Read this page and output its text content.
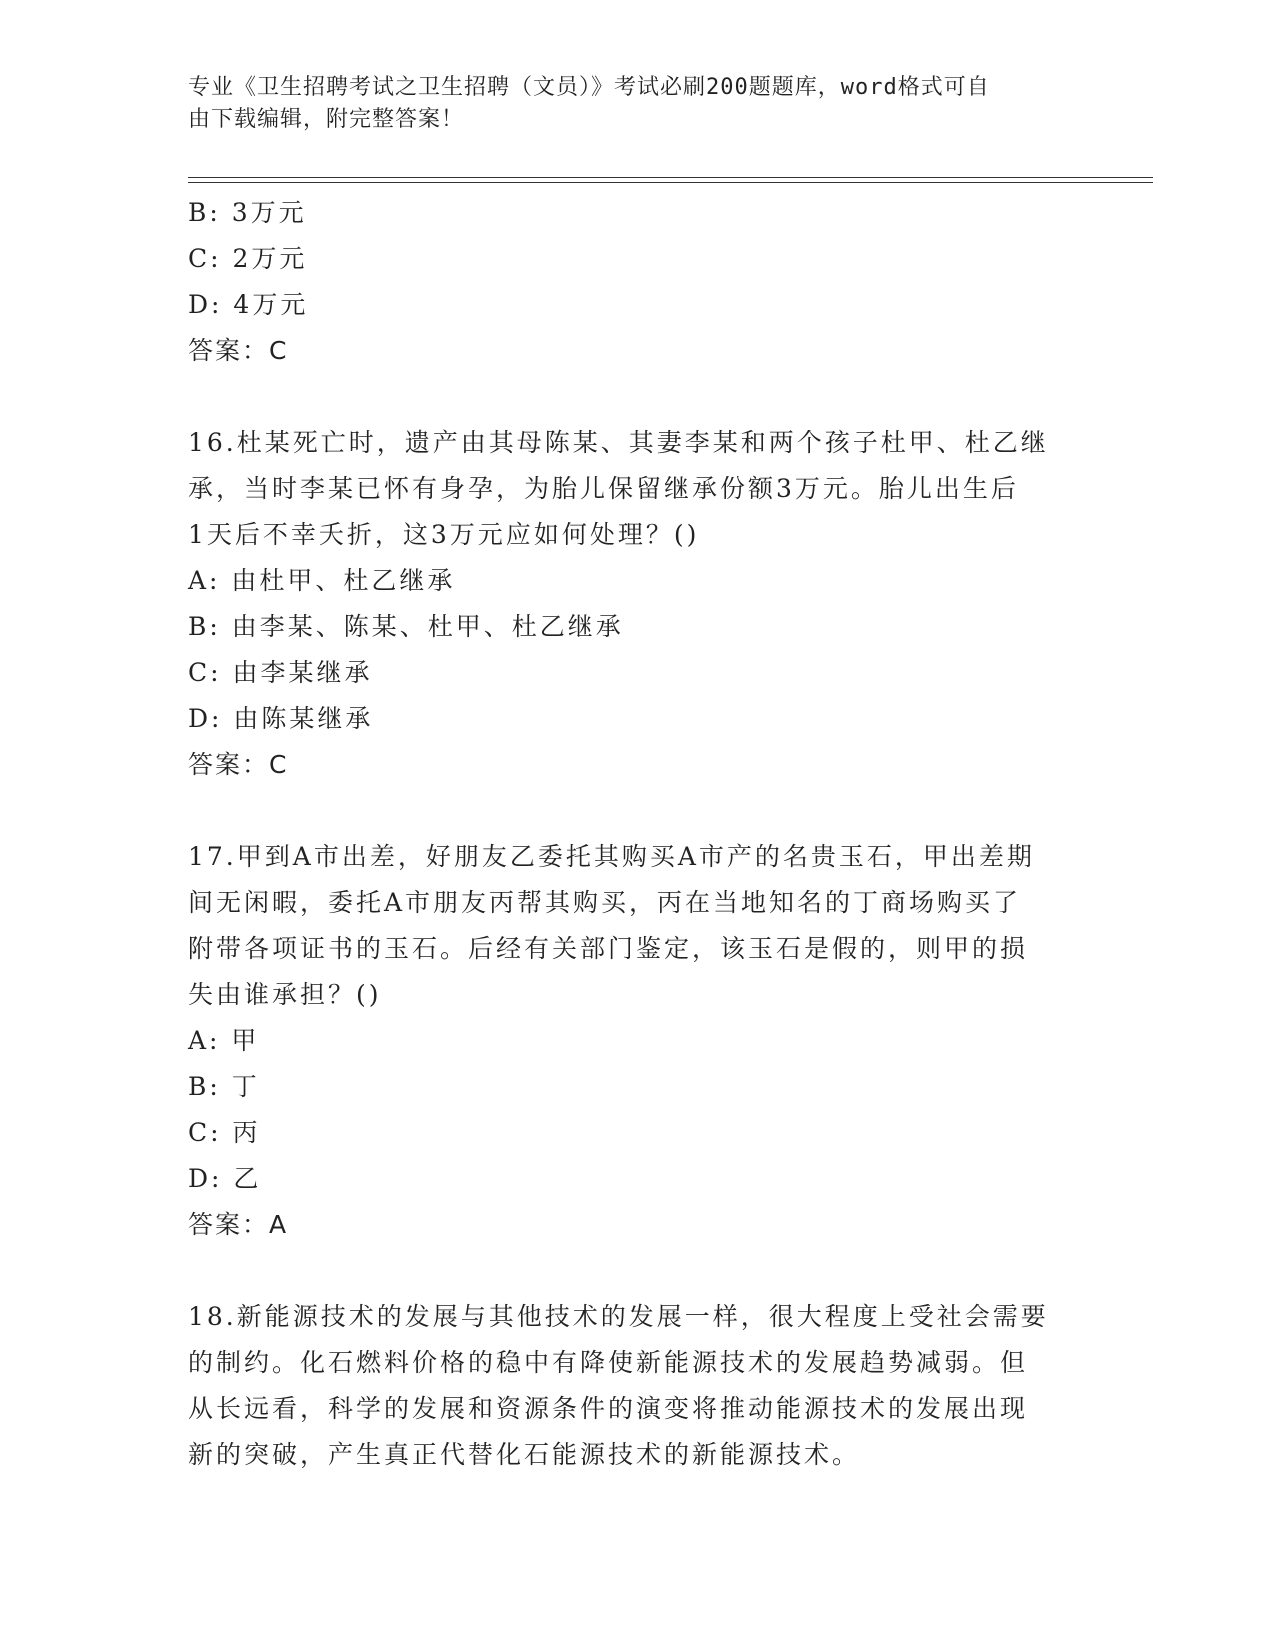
专业《卫生招聘考试之卫生招聘（文员）》考试必刷200题题库，word格式可自
由下载编辑，附完整答案！
B: 3万元
C: 2万元
D: 4万元
答案：C
16.杜某死亡时，遗产由其母陈某、其妻李某和两个孩子杜甲、杜乙继
承，当时李某已怀有身孕，为胎儿保留继承份额3万元。胎儿出生后
1天后不幸夭折，这3万元应如何处理？()
A: 由杜甲、杜乙继承
B: 由李某、陈某、杜甲、杜乙继承
C: 由李某继承
D: 由陈某继承
答案：C
17.甲到A市出差，好朋友乙委托其购买A市产的名贵玉石，甲出差期
间无闲暇，委托A市朋友丙帮其购买，丙在当地知名的丁商场购买了
附带各项证书的玉石。后经有关部门鉴定，该玉石是假的，则甲的损
失由谁承担？()
A: 甲
B: 丁
C: 丙
D: 乙
答案：A
18.新能源技术的发展与其他技术的发展一样，很大程度上受社会需要
的制约。化石燃料价格的稳中有降使新能源技术的发展趋势减弱。但
从长远看，科学的发展和资源条件的演变将推动能源技术的发展出现
新的突破，产生真正代替化石能源技术的新能源技术。
